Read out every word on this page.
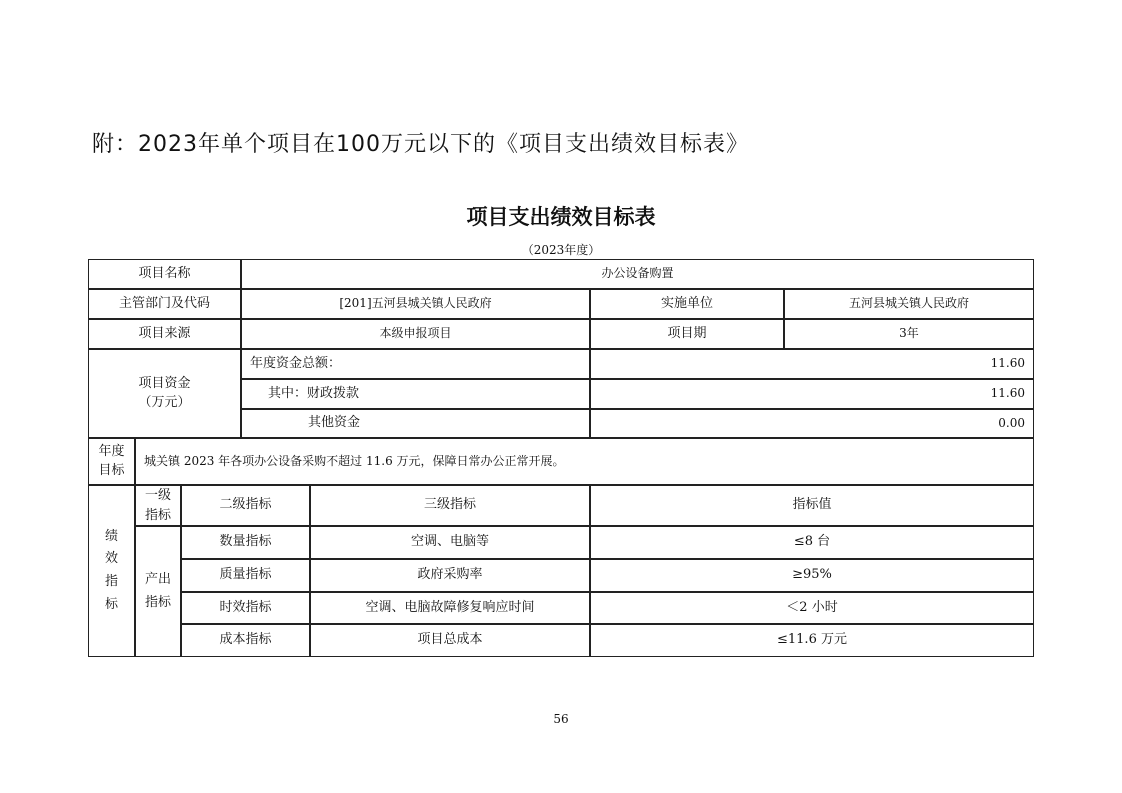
附：2023年单个项目在100万元以下的《项目支出绩效目标表》
项目支出绩效目标表
（2023年度）
项目名称	办公设备购置
主管部门及代码	[201]五河县城关镇人民政府	实施单位	五河县城关镇人民政府
项目来源	本级申报项目	项目期	3年
项目资金
（万元）
年度资金总额：	11.60
其中：财政拨款	11.60
其他资金	0.00
年度
目标
城关镇 2023 年各项办公设备采购不超过 11.6 万元，保障日常办公正常开展。
绩
效
指
标
一级
指标
二级指标	三级指标	指标值
产出
指标
数量指标	空调、电脑等	≤8 台
质量指标	政府采购率	≥95%
时效指标	空调、电脑故障修复响应时间	＜2 小时
成本指标	项目总成本	≤11.6 万元
56
